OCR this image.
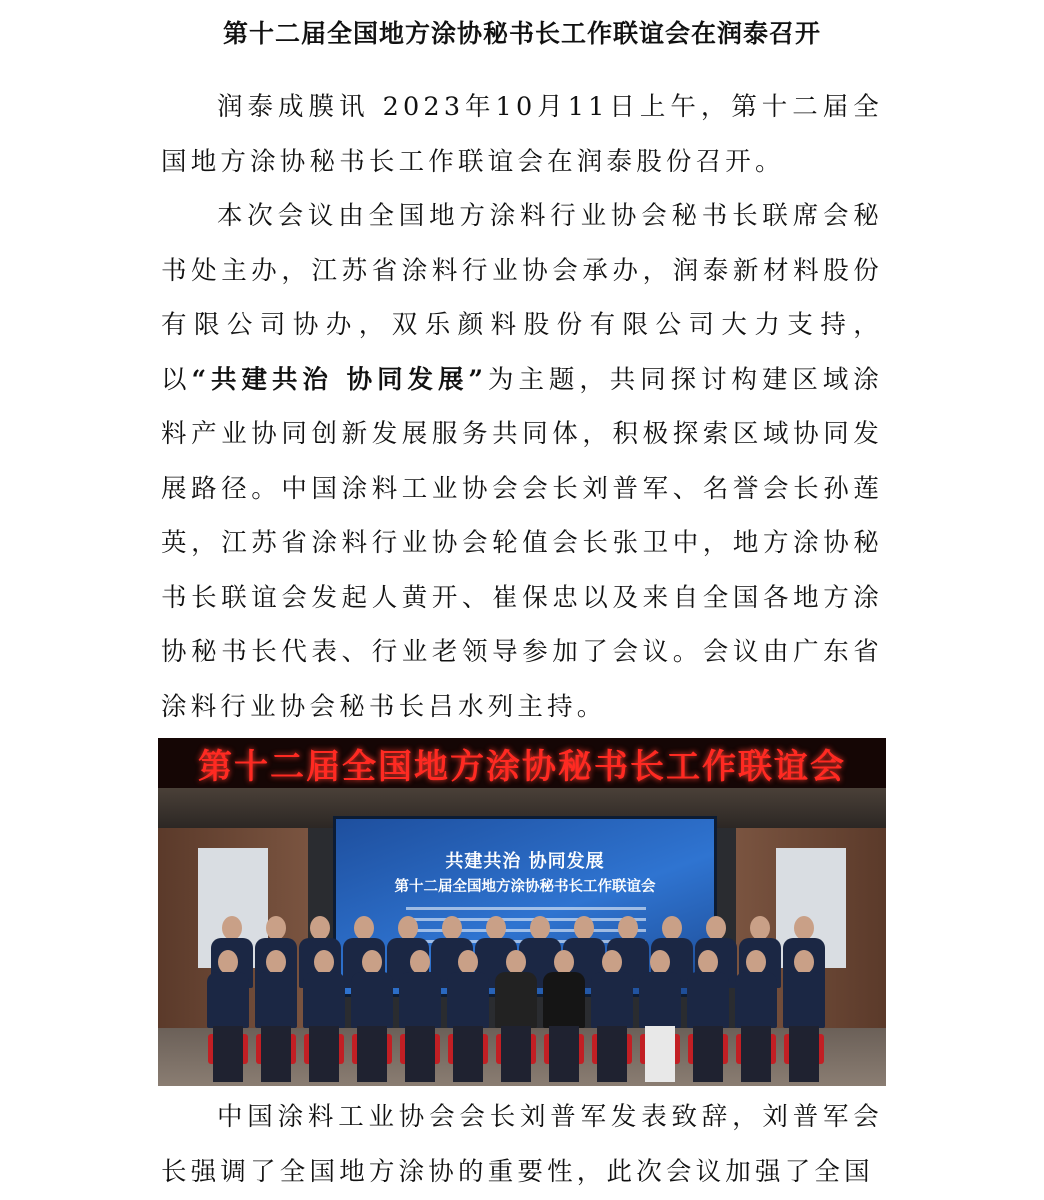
第十二届全国地方涂协秘书长工作联谊会在润泰召开

润泰成膜讯 2023年10月11日上午，第十二届全国地方涂协秘书长工作联谊会在润泰股份召开。

本次会议由全国地方涂料行业协会秘书长联席会秘书处主办，江苏省涂料行业协会承办，润泰新材料股份有限公司协办，双乐颜料股份有限公司大力支持，以“共建共治 协同发展”为主题，共同探讨构建区域涂料产业协同创新发展服务共同体，积极探索区域协同发展路径。中国涂料工业协会会长刘普军、名誉会长孙莲英，江苏省涂料行业协会轮值会长张卫中，地方涂协秘书长联谊会发起人黄开、崔保忠以及来自全国各地方涂协秘书长代表、行业老领导参加了会议。会议由广东省涂料行业协会秘书长吕水列主持。

第十二届全国地方涂协秘书长工作联谊会
共建共治 协同发展
第十二届全国地方涂协秘书长工作联谊会

中国涂料工业协会会长刘普军发表致辞，刘普军会长强调了全国地方涂协的重要性，此次会议加强了全国
